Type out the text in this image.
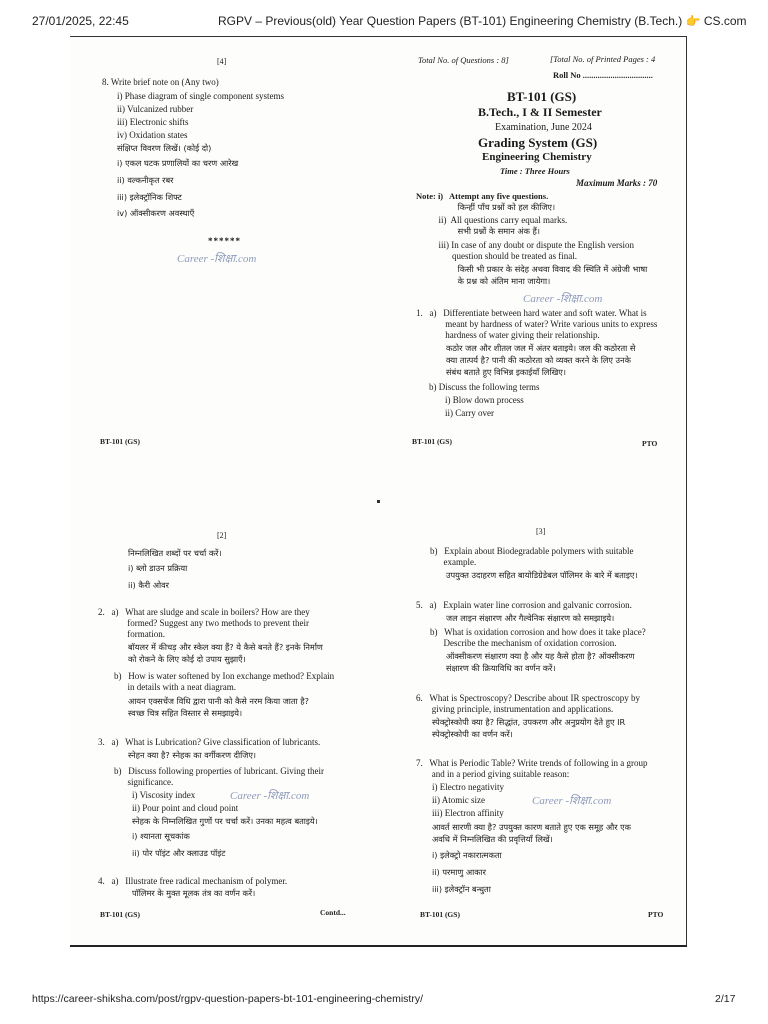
27/01/2025, 22:45	RGPV – Previous(old) Year Question Papers (BT-101) Engineering Chemistry (B.Tech.) 👉 CS.com
https://career-shiksha.com/post/rgpv-question-papers-bt-101-engineering-chemistry/	2/17
[4]
8. Write brief note on (Any two)
i) Phase diagram of single component systems
ii) Vulcanized rubber
iii) Electronic shifts
iv) Oxidation states
संक्षिप्त विवरण लिखें। (कोई दो)
i) एकल घटक प्रणालियों का चरण आरेख
ii) वल्कनीकृत रबर
iii) इलेक्ट्रॉनिक शिफ्ट
iv) ऑक्सीकरण अवस्थाएँ
******
Career -शिक्षा.com
BT-101 (GS)
Total No. of Questions : 8]	[Total No. of Printed Pages : 4
Roll No .................................
BT-101 (GS)
B.Tech., I & II Semester
Examination, June 2024
Grading System (GS)
Engineering Chemistry
Time : Three Hours
Maximum Marks : 70
Note: i)   Attempt any five questions.
किन्हीं पाँच प्रश्नों को हल कीजिए।
ii)  All questions carry equal marks.
सभी प्रश्नों के समान अंक हैं।
iii) In case of any doubt or dispute the English version
question should be treated as final.
किसी भी प्रकार के संदेह अथवा विवाद की स्थिति में अंग्रेजी भाषा
के प्रश्न को अंतिम माना जायेगा।
Career -शिक्षा.com
1.   a)   Differentiate between hard water and soft water. What is
meant by hardness of water? Write various units to express
hardness of water giving their relationship.
कठोर जल और शीतल जल में अंतर बताइये। जल की कठोरता से
क्या तात्पर्य है? पानी की कठोरता को व्यक्त करने के लिए उनके
संबंध बताते हुए विभिन्न इकाईयाँ लिखिए।
b) Discuss the following terms
i) Blow down process
ii) Carry over
BT-101 (GS)	PTO
[2]
निम्नलिखित शब्दों पर चर्चा करें।
i) ब्लो डाउन प्रक्रिया
ii) कैरी ओवर
2.   a)   What are sludge and scale in boilers? How are they
formed? Suggest any two methods to prevent their
formation.
बॉयलर में कीचड़ और स्केल क्या हैं? ये कैसे बनते हैं? इनके निर्माण
को रोकने के लिए कोई दो उपाय सुझाएँ।
b)   How is water softened by Ion exchange method? Explain
in details with a neat diagram.
आयन एक्सचेंज विधि द्वारा पानी को कैसे नरम किया जाता है?
स्वच्छ चित्र सहित विस्तार से समझाइये।
3.   a)   What is Lubrication? Give classification of lubricants.
स्नेहन क्या है? स्नेहक का वर्गीकरण दीजिए।
b)   Discuss following properties of lubricant. Giving their
significance.
i) Viscosity index	Career -शिक्षा.com
ii) Pour point and cloud point
स्नेहक के निम्नलिखित गुणों पर चर्चा करें। उनका महत्व बताइये।
i) श्यानता सूचकांक
ii) पोर पॉइंट और क्लाउड पॉइंट
4.   a)   Illustrate free radical mechanism of polymer.
पॉलिमर के मुक्त मूलक तंत्र का वर्णन करें।
BT-101 (GS)	Contd...
[3]
b)   Explain about Biodegradable polymers with suitable
example.
उपयुक्त उदाहरण सहित बायोडिग्रेडेबल पॉलिमर के बारे में बताइए।
5.   a)   Explain water line corrosion and galvanic corrosion.
जल लाइन संक्षारण और गैल्वेनिक संक्षारण को समझाइये।
b)   What is oxidation corrosion and how does it take place?
Describe the mechanism of oxidation corrosion.
ऑक्सीकरण संक्षारण क्या है और यह कैसे होता है? ऑक्सीकरण
संक्षारण की क्रियाविधि का वर्णन करें।
6.   What is Spectroscopy? Describe about IR spectroscopy by
giving principle, instrumentation and applications.
स्पेक्ट्रोस्कोपी क्या है? सिद्धांत, उपकरण और अनुप्रयोग देते हुए IR
स्पेक्ट्रोस्कोपी का वर्णन करें।
7.   What is Periodic Table? Write trends of following in a group
and in a period giving suitable reason:
i) Electro negativity
ii) Atomic size	Career -शिक्षा.com
iii) Electron affinity
आवर्त सारणी क्या है? उपयुक्त कारण बताते हुए एक समूह और एक
अवधि में निम्नलिखित की प्रवृत्तियाँ लिखें।
i) इलेक्ट्रो नकारात्मकता
ii) परमाणु आकार
iii) इलेक्ट्रॉन बन्धुता
BT-101 (GS)	PTO
